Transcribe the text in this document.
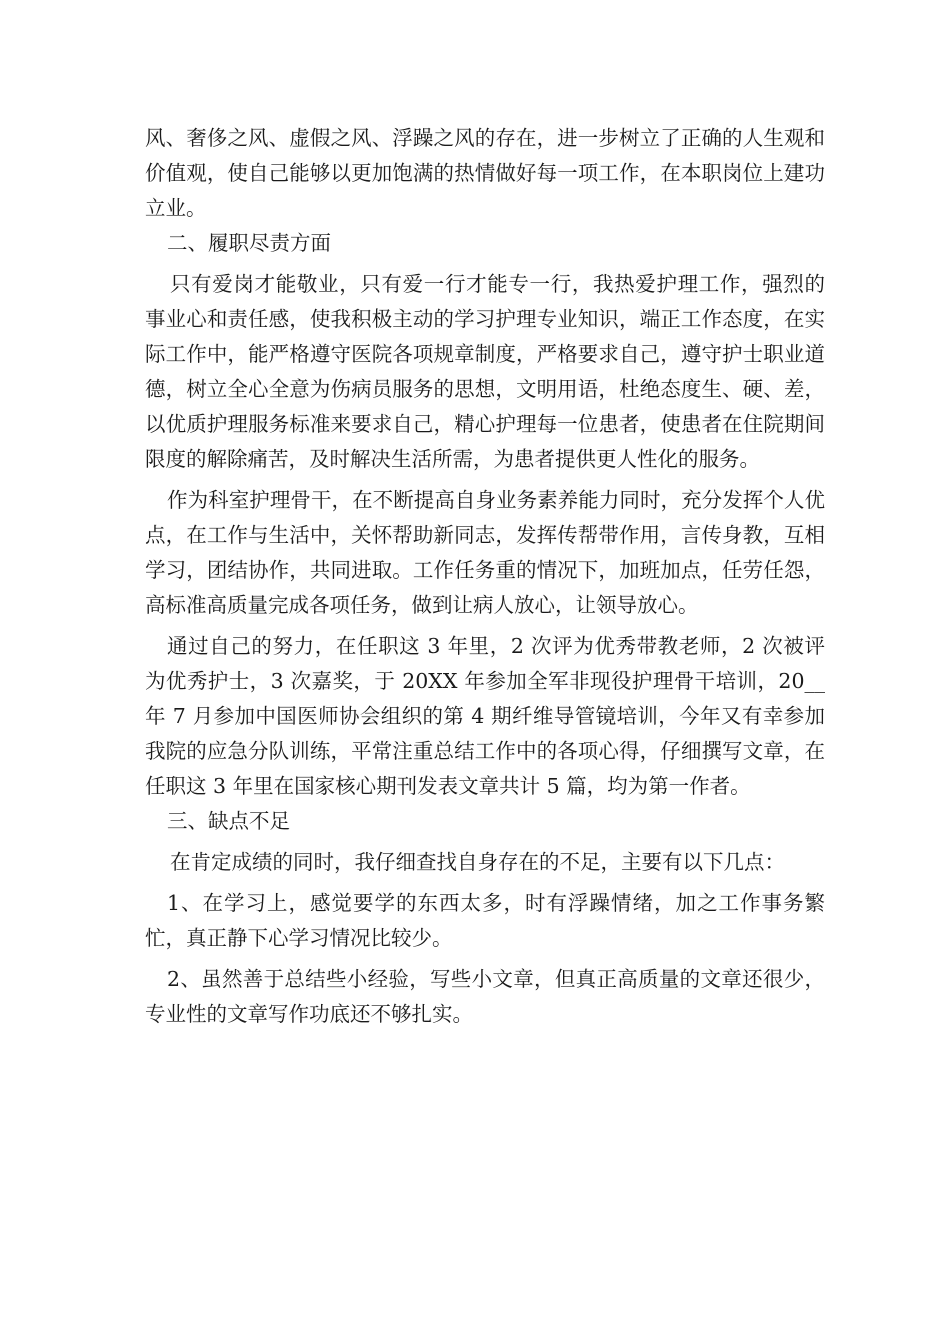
风、奢侈之风、虚假之风、浮躁之风的存在，进一步树立了正确的人生观和价值观，使自己能够以更加饱满的热情做好每一项工作，在本职岗位上建功立业。

二、履职尽责方面

只有爱岗才能敬业，只有爱一行才能专一行，我热爱护理工作，强烈的事业心和责任感，使我积极主动的学习护理专业知识，端正工作态度，在实际工作中，能严格遵守医院各项规章制度，严格要求自己，遵守护士职业道德，树立全心全意为伤病员服务的思想，文明用语，杜绝态度生、硬、差，以优质护理服务标准来要求自己，精心护理每一位患者，使患者在住院期间限度的解除痛苦，及时解决生活所需，为患者提供更人性化的服务。

作为科室护理骨干，在不断提高自身业务素养能力同时，充分发挥个人优点，在工作与生活中，关怀帮助新同志，发挥传帮带作用，言传身教，互相学习，团结协作，共同进取。工作任务重的情况下，加班加点，任劳任怨，高标准高质量完成各项任务，做到让病人放心，让领导放心。

通过自己的努力，在任职这 3 年里，2 次评为优秀带教老师，2 次被评为优秀护士，3 次嘉奖，于 20XX 年参加全军非现役护理骨干培训，20__年 7 月参加中国医师协会组织的第 4 期纤维导管镜培训，今年又有幸参加我院的应急分队训练，平常注重总结工作中的各项心得，仔细撰写文章，在任职这 3 年里在国家核心期刊发表文章共计 5 篇，均为第一作者。

三、缺点不足

在肯定成绩的同时，我仔细查找自身存在的不足，主要有以下几点：

1、在学习上，感觉要学的东西太多，时有浮躁情绪，加之工作事务繁忙，真正静下心学习情况比较少。

2、虽然善于总结些小经验，写些小文章，但真正高质量的文章还很少，专业性的文章写作功底还不够扎实。
